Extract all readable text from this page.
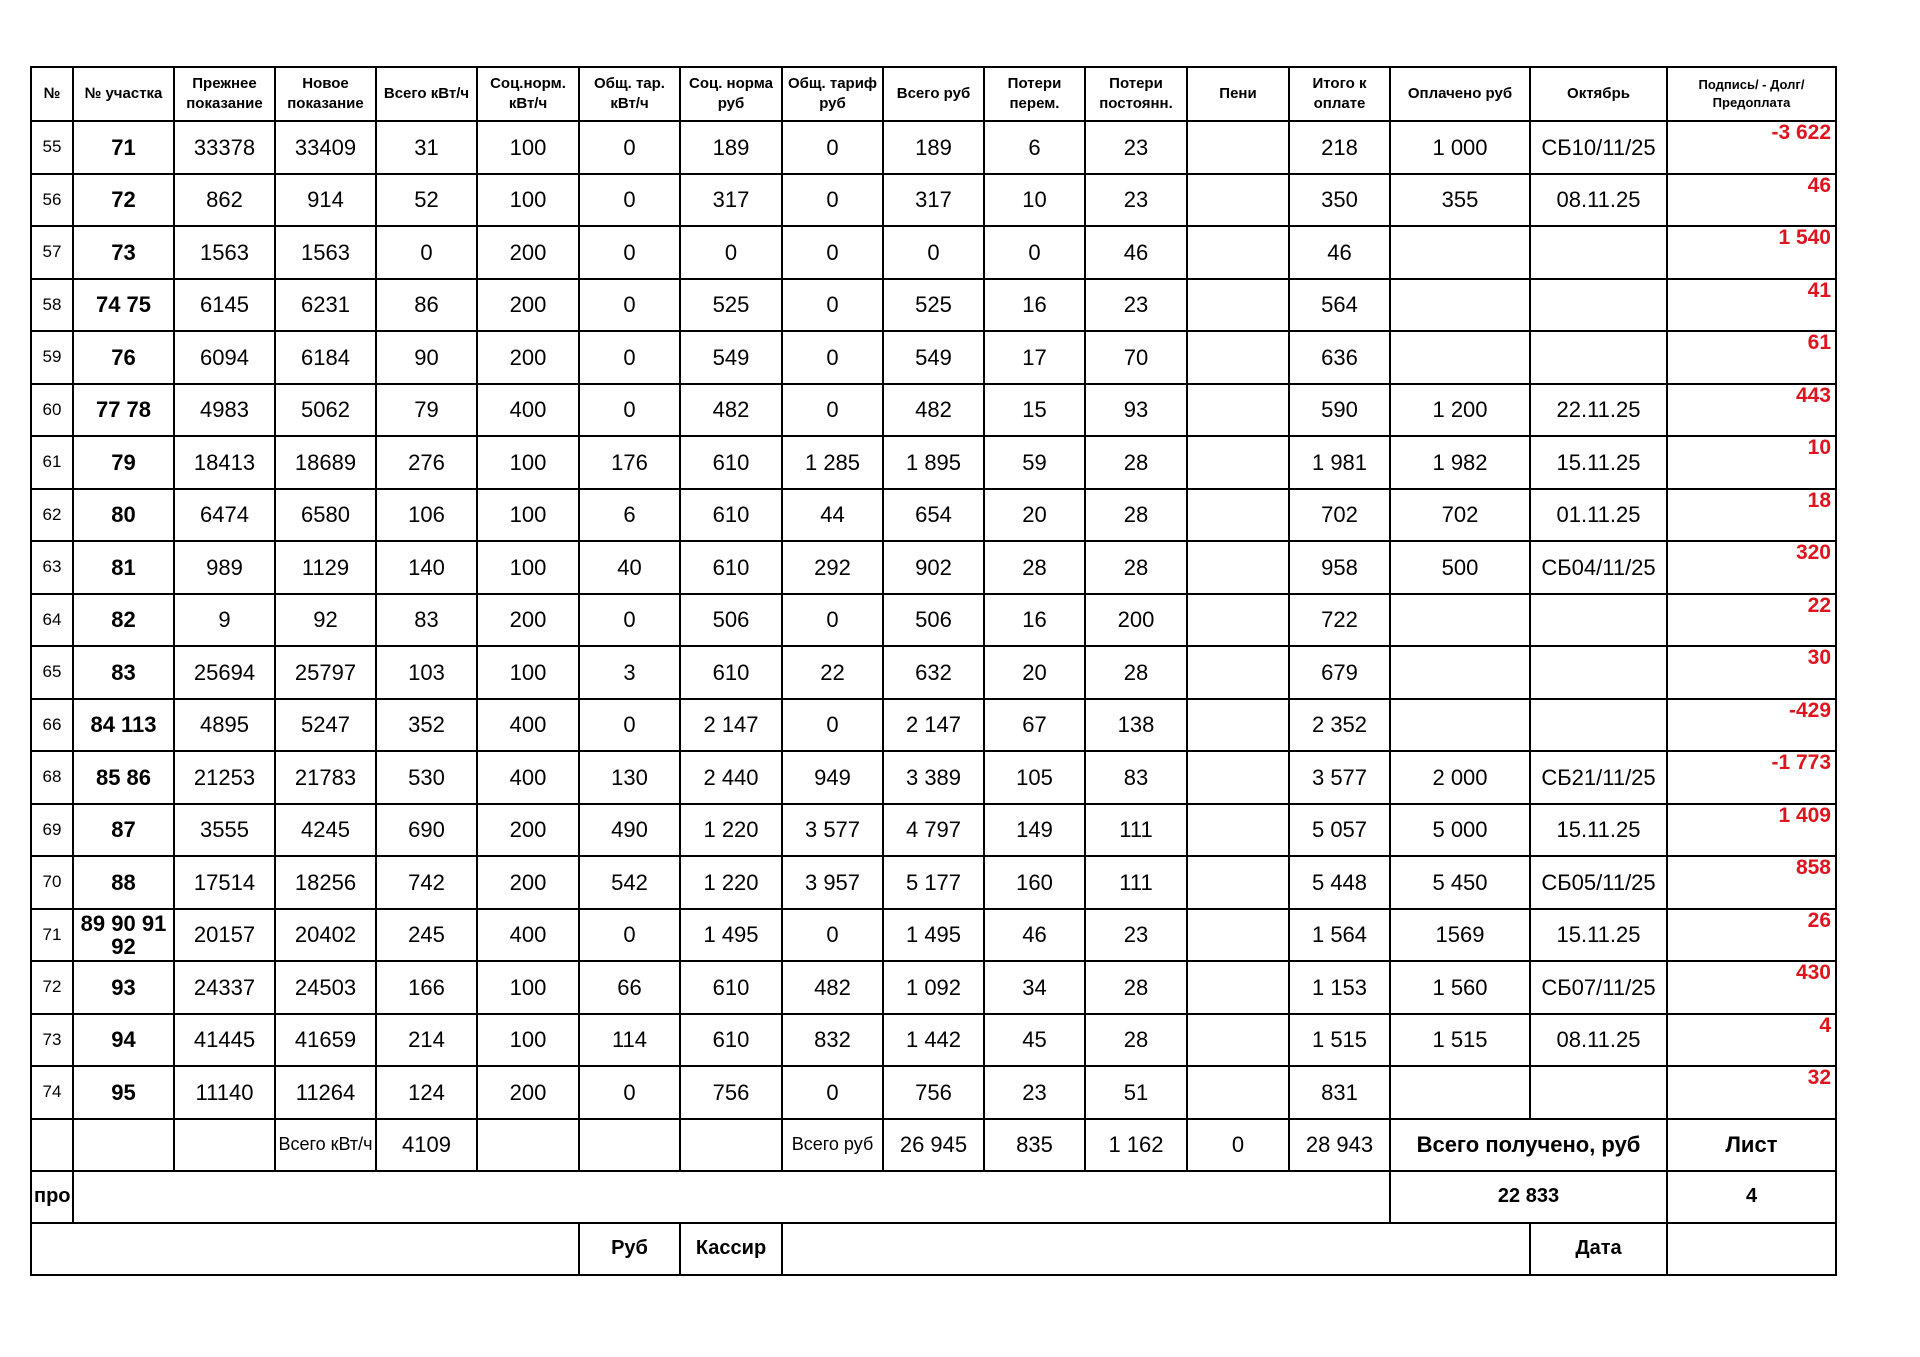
№	№ участка	Прежнее показание	Новое показание	Всего кВт/ч	Соц.норм. кВт/ч	Общ. тар. кВт/ч	Соц. норма руб	Общ. тариф руб	Всего руб	Потери перем.	Потери постоянн.	Пени	Итого к оплате	Оплачено руб	Октябрь	Подпись/ - Долг/Предоплата
55	71	33378	33409	31	100	0	189	0	189	6	23		218	1 000	СБ10/11/25	-3 622
56	72	862	914	52	100	0	317	0	317	10	23		350	355	08.11.25	46
57	73	1563	1563	0	200	0	0	0	0	0	46		46			1 540
58	74 75	6145	6231	86	200	0	525	0	525	16	23		564			41
59	76	6094	6184	90	200	0	549	0	549	17	70		636			61
60	77 78	4983	5062	79	400	0	482	0	482	15	93		590	1 200	22.11.25	443
61	79	18413	18689	276	100	176	610	1 285	1 895	59	28		1 981	1 982	15.11.25	10
62	80	6474	6580	106	100	6	610	44	654	20	28		702	702	01.11.25	18
63	81	989	1129	140	100	40	610	292	902	28	28		958	500	СБ04/11/25	320
64	82	9	92	83	200	0	506	0	506	16	200		722			22
65	83	25694	25797	103	100	3	610	22	632	20	28		679			30
66	84 113	4895	5247	352	400	0	2 147	0	2 147	67	138		2 352			-429
68	85 86	21253	21783	530	400	130	2 440	949	3 389	105	83		3 577	2 000	СБ21/11/25	-1 773
69	87	3555	4245	690	200	490	1 220	3 577	4 797	149	111		5 057	5 000	15.11.25	1 409
70	88	17514	18256	742	200	542	1 220	3 957	5 177	160	111		5 448	5 450	СБ05/11/25	858
71	89 90 91 92	20157	20402	245	400	0	1 495	0	1 495	46	23		1 564	1569	15.11.25	26
72	93	24337	24503	166	100	66	610	482	1 092	34	28		1 153	1 560	СБ07/11/25	430
73	94	41445	41659	214	100	114	610	832	1 442	45	28		1 515	1 515	08.11.25	4
74	95	11140	11264	124	200	0	756	0	756	23	51		831			32
			Всего кВт/ч	4109				Всего руб	26 945	835	1 162	0	28 943	Всего получено, руб		Лист
про														22 833		4
						Руб	Кассир								Дата	
